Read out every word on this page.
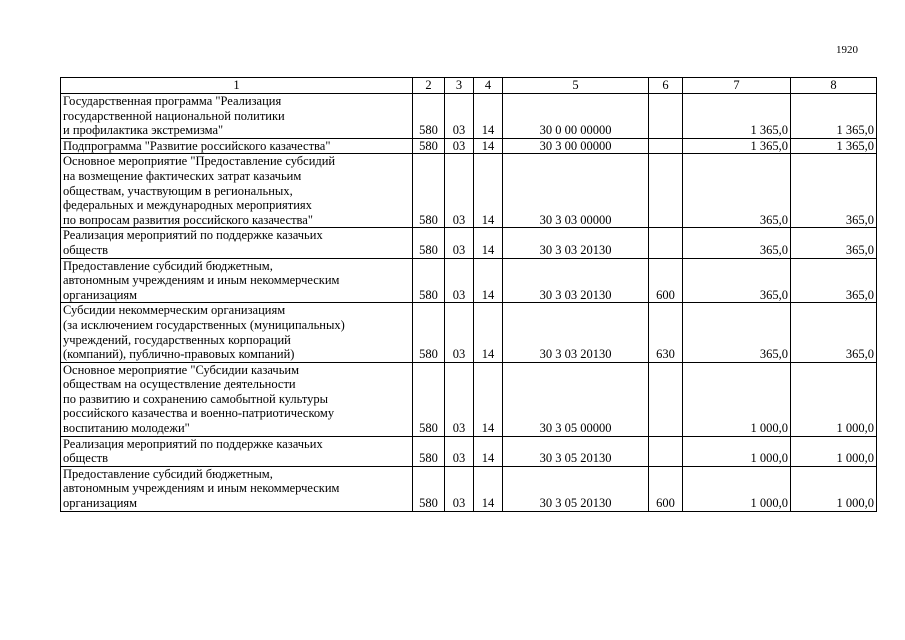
1920
1	2	3	4	5	6	7	8
Государственная программа "Реализация
государственной национальной политики
и профилактика экстремизма"	580	03	14	30 0 00 00000		1 365,0	1 365,0
Подпрограмма "Развитие российского казачества"	580	03	14	30 3 00 00000		1 365,0	1 365,0
Основное мероприятие "Предоставление субсидий
на возмещение фактических затрат казачьим
обществам, участвующим в региональных,
федеральных и международных мероприятиях
по вопросам развития российского казачества"	580	03	14	30 3 03 00000		365,0	365,0
Реализация мероприятий по поддержке казачьих
обществ	580	03	14	30 3 03 20130		365,0	365,0
Предоставление субсидий бюджетным,
автономным учреждениям и иным некоммерческим
организациям	580	03	14	30 3 03 20130	600	365,0	365,0
Субсидии некоммерческим организациям
(за исключением государственных (муниципальных)
учреждений, государственных корпораций
(компаний), публично-правовых компаний)	580	03	14	30 3 03 20130	630	365,0	365,0
Основное мероприятие "Субсидии казачьим
обществам на осуществление деятельности
по развитию и сохранению самобытной культуры
российского казачества и военно-патриотическому
воспитанию молодежи"	580	03	14	30 3 05 00000		1 000,0	1 000,0
Реализация мероприятий по поддержке казачьих
обществ	580	03	14	30 3 05 20130		1 000,0	1 000,0
Предоставление субсидий бюджетным,
автономным учреждениям и иным некоммерческим
организациям	580	03	14	30 3 05 20130	600	1 000,0	1 000,0
